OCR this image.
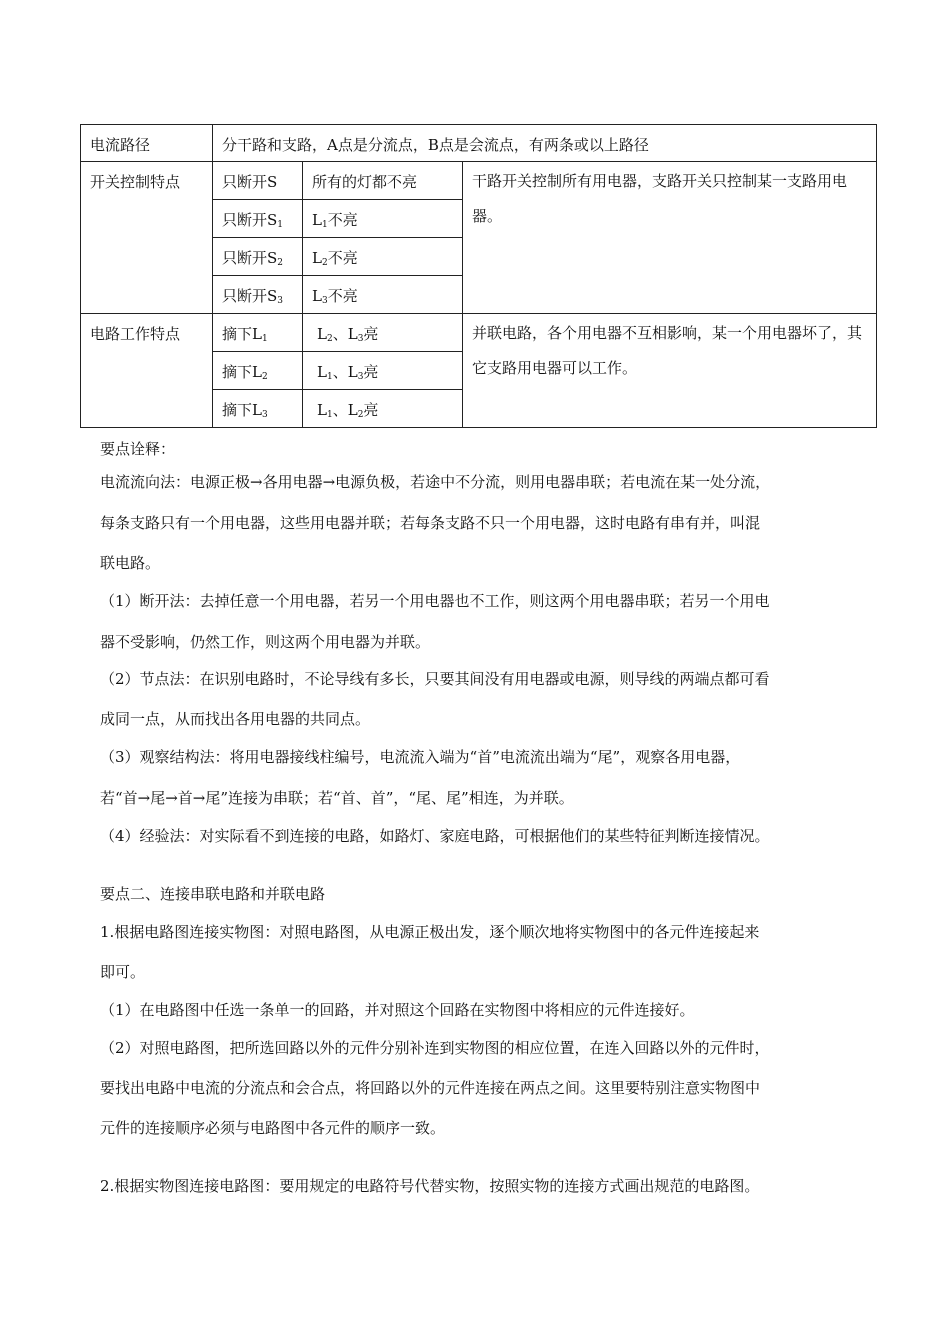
电流路径	分干路和支路，A点是分流点，B点是会流点，有两条或以上路径		
开关控制特点	只断开S	所有的灯都不亮	干路开关控制所有用电器，支路开关只控制某一支路用电器。
	只断开$S_1$	$L_1$不亮	
	只断开$S_2$	$L_2$不亮	
	只断开$S_3$	$L_3$不亮	
电路工作特点	摘下$L_1$	$L_2$、$L_3$亮	并联电路，各个用电器不互相影响，某一个用电器坏了，其它支路用电器可以工作。
	摘下$L_2$	$L_1$、$L_3$亮	
	摘下$L_3$	$L_1$、$L_2$亮	
要点诠释：
电流流向法：电源正极→各用电器→电源负极，若途中不分流，则用电器串联；若电流在某一处分流，
每条支路只有一个用电器，这些用电器并联；若每条支路不只一个用电器，这时电路有串有并，叫混
联电路。
（1）断开法：去掉任意一个用电器，若另一个用电器也不工作，则这两个用电器串联；若另一个用电
器不受影响，仍然工作，则这两个用电器为并联。
（2）节点法：在识别电路时，不论导线有多长，只要其间没有用电器或电源，则导线的两端点都可看
成同一点，从而找出各用电器的共同点。
（3）观察结构法：将用电器接线柱编号，电流流入端为“首”电流流出端为“尾”，观察各用电器，
若“首→尾→首→尾”连接为串联；若“首、首”，“尾、尾”相连，为并联。
（4）经验法：对实际看不到连接的电路，如路灯、家庭电路，可根据他们的某些特征判断连接情况。
要点二、连接串联电路和并联电路
1.根据电路图连接实物图：对照电路图，从电源正极出发，逐个顺次地将实物图中的各元件连接起来
即可。
（1）在电路图中任选一条单一的回路，并对照这个回路在实物图中将相应的元件连接好。
（2）对照电路图，把所选回路以外的元件分别补连到实物图的相应位置，在连入回路以外的元件时，
要找出电路中电流的分流点和会合点，将回路以外的元件连接在两点之间。这里要特别注意实物图中
元件的连接顺序必须与电路图中各元件的顺序一致。
2.根据实物图连接电路图：要用规定的电路符号代替实物，按照实物的连接方式画出规范的电路图。
